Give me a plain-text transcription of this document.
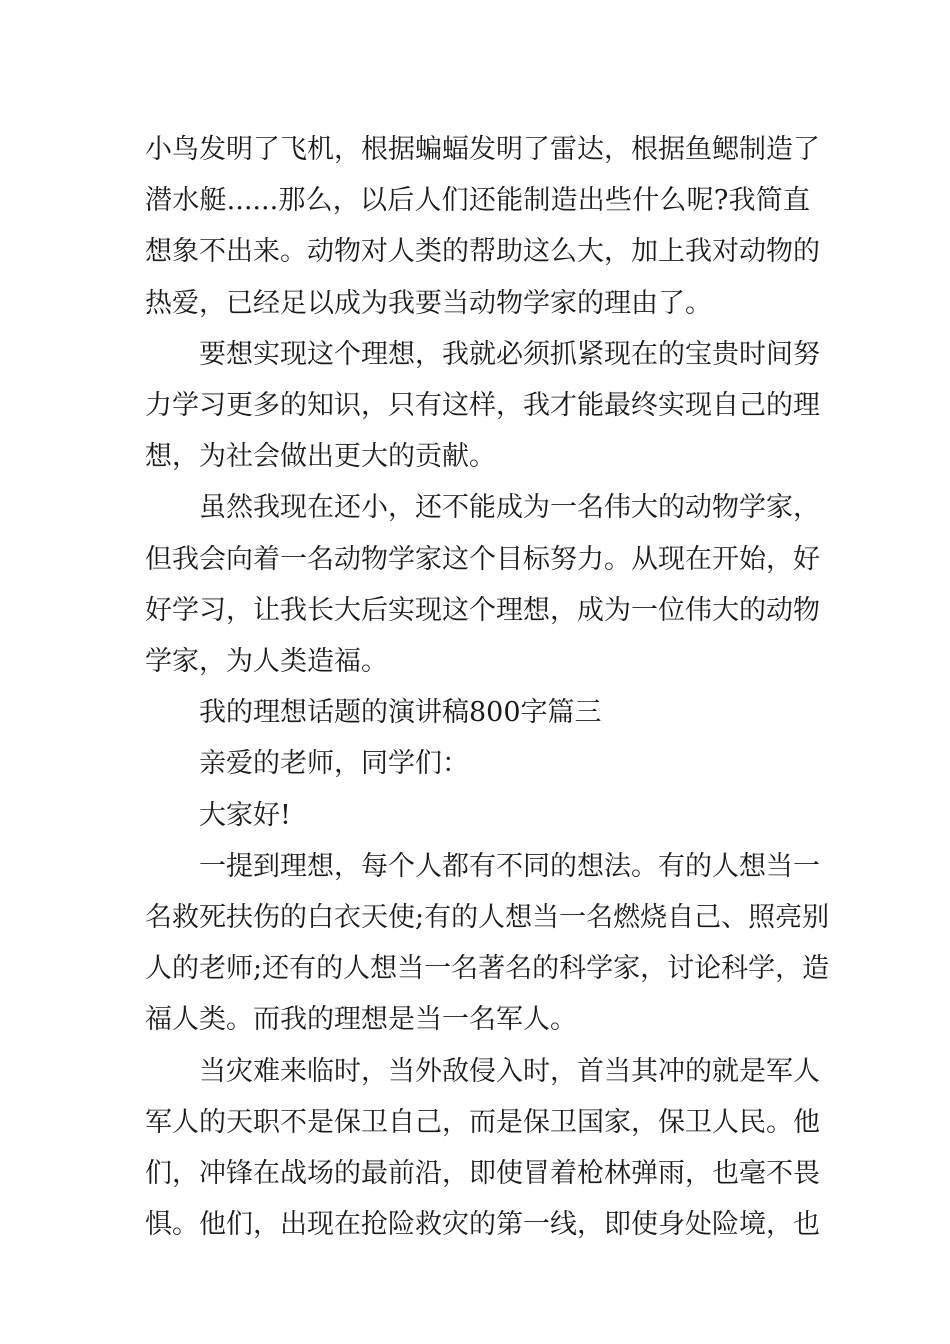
小鸟发明了飞机，根据蝙蝠发明了雷达，根据鱼鳃制造了
潜水艇......那么，以后人们还能制造出些什么呢?我简直
想象不出来。动物对人类的帮助这么大，加上我对动物的
热爱，已经足以成为我要当动物学家的理由了。
要想实现这个理想，我就必须抓紧现在的宝贵时间努
力学习更多的知识，只有这样，我才能最终实现自己的理
想，为社会做出更大的贡献。
虽然我现在还小，还不能成为一名伟大的动物学家，
但我会向着一名动物学家这个目标努力。从现在开始，好
好学习，让我长大后实现这个理想，成为一位伟大的动物
学家，为人类造福。
我的理想话题的演讲稿800字篇三
亲爱的老师，同学们：
大家好!
一提到理想，每个人都有不同的想法。有的人想当一
名救死扶伤的白衣天使;有的人想当一名燃烧自己、照亮别
人的老师;还有的人想当一名著名的科学家，讨论科学，造
福人类。而我的理想是当一名军人。
当灾难来临时，当外敌侵入时，首当其冲的就是军人
军人的天职不是保卫自己，而是保卫国家，保卫人民。他
们，冲锋在战场的最前沿，即使冒着枪林弹雨，也毫不畏
惧。他们，出现在抢险救灾的第一线，即使身处险境，也
